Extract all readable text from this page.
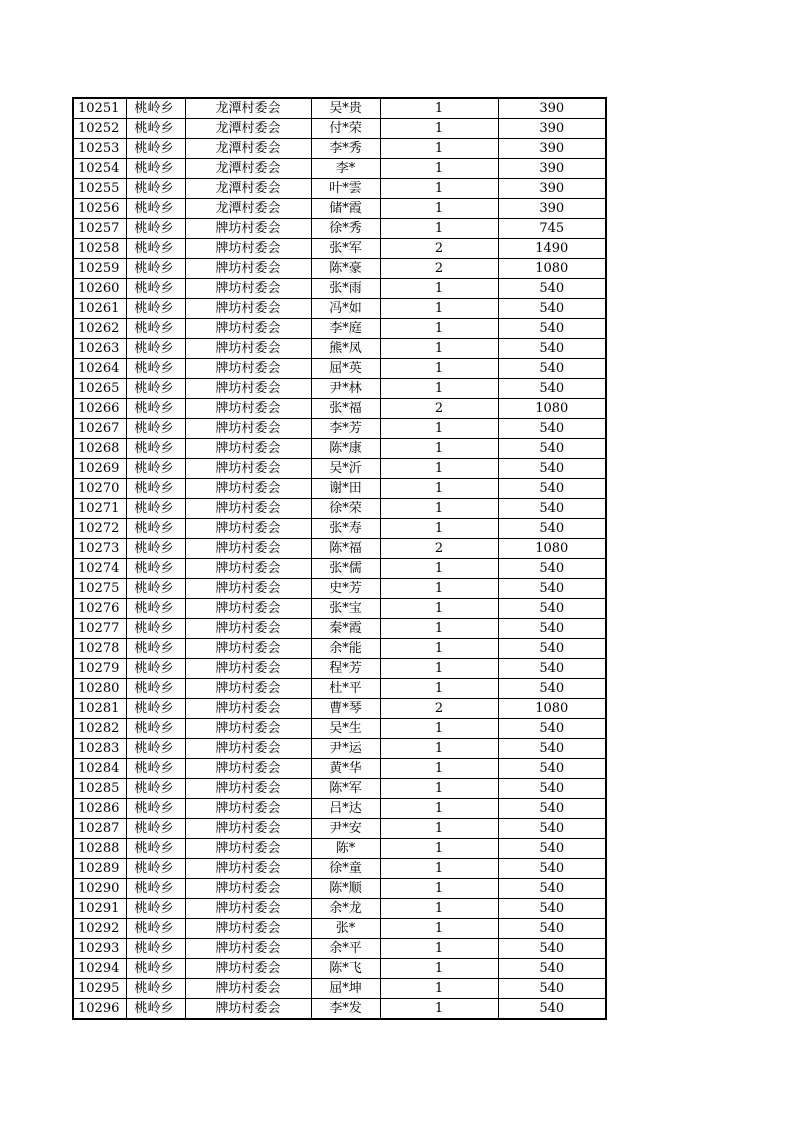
10251	桃岭乡	龙潭村委会	吴*贵	1	390
10252	桃岭乡	龙潭村委会	付*荣	1	390
10253	桃岭乡	龙潭村委会	李*秀	1	390
10254	桃岭乡	龙潭村委会	李*	1	390
10255	桃岭乡	龙潭村委会	叶*雲	1	390
10256	桃岭乡	龙潭村委会	储*霞	1	390
10257	桃岭乡	牌坊村委会	徐*秀	1	745
10258	桃岭乡	牌坊村委会	张*军	2	1490
10259	桃岭乡	牌坊村委会	陈*豪	2	1080
10260	桃岭乡	牌坊村委会	张*雨	1	540
10261	桃岭乡	牌坊村委会	冯*如	1	540
10262	桃岭乡	牌坊村委会	李*庭	1	540
10263	桃岭乡	牌坊村委会	熊*凤	1	540
10264	桃岭乡	牌坊村委会	屈*英	1	540
10265	桃岭乡	牌坊村委会	尹*林	1	540
10266	桃岭乡	牌坊村委会	张*福	2	1080
10267	桃岭乡	牌坊村委会	李*芳	1	540
10268	桃岭乡	牌坊村委会	陈*康	1	540
10269	桃岭乡	牌坊村委会	吴*沂	1	540
10270	桃岭乡	牌坊村委会	谢*田	1	540
10271	桃岭乡	牌坊村委会	徐*荣	1	540
10272	桃岭乡	牌坊村委会	张*寿	1	540
10273	桃岭乡	牌坊村委会	陈*福	2	1080
10274	桃岭乡	牌坊村委会	张*儒	1	540
10275	桃岭乡	牌坊村委会	史*芳	1	540
10276	桃岭乡	牌坊村委会	张*宝	1	540
10277	桃岭乡	牌坊村委会	秦*霞	1	540
10278	桃岭乡	牌坊村委会	余*能	1	540
10279	桃岭乡	牌坊村委会	程*芳	1	540
10280	桃岭乡	牌坊村委会	杜*平	1	540
10281	桃岭乡	牌坊村委会	曹*琴	2	1080
10282	桃岭乡	牌坊村委会	吴*生	1	540
10283	桃岭乡	牌坊村委会	尹*运	1	540
10284	桃岭乡	牌坊村委会	黄*华	1	540
10285	桃岭乡	牌坊村委会	陈*军	1	540
10286	桃岭乡	牌坊村委会	吕*达	1	540
10287	桃岭乡	牌坊村委会	尹*安	1	540
10288	桃岭乡	牌坊村委会	陈*	1	540
10289	桃岭乡	牌坊村委会	徐*童	1	540
10290	桃岭乡	牌坊村委会	陈*顺	1	540
10291	桃岭乡	牌坊村委会	余*龙	1	540
10292	桃岭乡	牌坊村委会	张*	1	540
10293	桃岭乡	牌坊村委会	余*平	1	540
10294	桃岭乡	牌坊村委会	陈*飞	1	540
10295	桃岭乡	牌坊村委会	屈*坤	1	540
10296	桃岭乡	牌坊村委会	李*发	1	540
